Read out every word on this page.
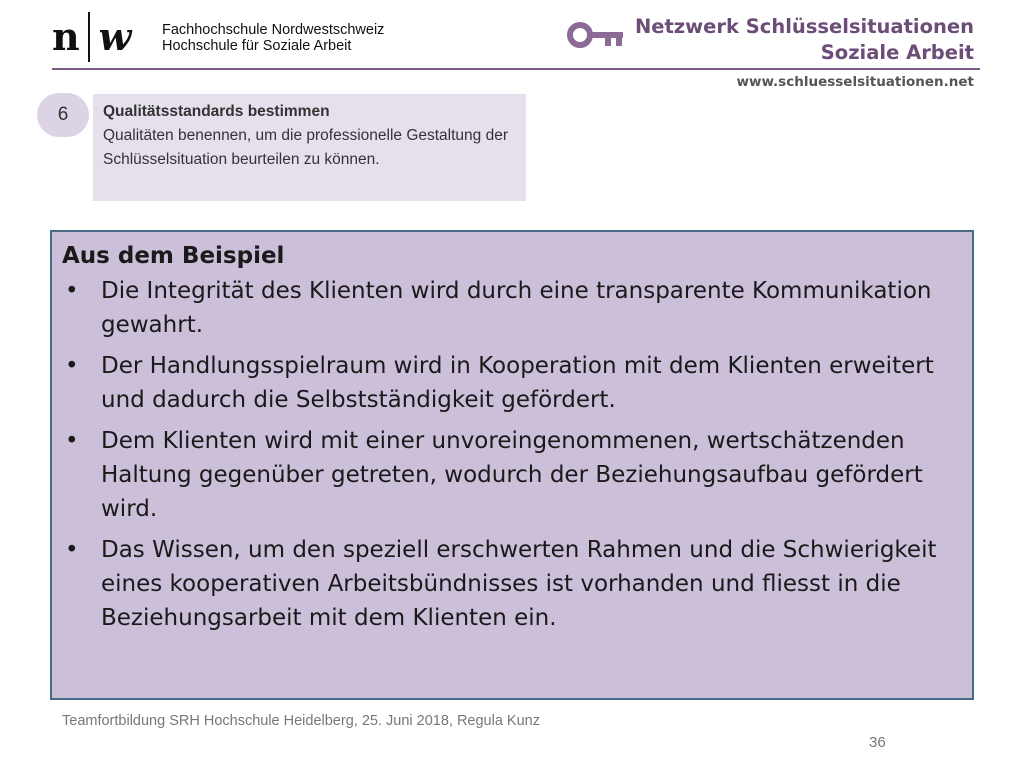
n w Fachhochschule Nordwestschweiz
Hochschule für Soziale Arbeit
Netzwerk Schlüsselsituationen
Soziale Arbeit
www.schluesselsituationen.net
6	Qualitätsstandards bestimmen
Qualitäten benennen, um die professionelle Gestaltung der Schlüsselsituation beurteilen zu können.
Aus dem Beispiel
• Die Integrität des Klienten wird durch eine transparente Kommunikation gewahrt.
• Der Handlungsspielraum wird in Kooperation mit dem Klienten erweitert und dadurch die Selbstständigkeit gefördert.
• Dem Klienten wird mit einer unvoreingenommenen, wertschätzenden Haltung gegenüber getreten, wodurch der Beziehungsaufbau gefördert wird.
• Das Wissen, um den speziell erschwerten Rahmen und die Schwierigkeit eines kooperativen Arbeitsbündnisses ist vorhanden und fliesst in die Beziehungsarbeit mit dem Klienten ein.
Teamfortbildung SRH Hochschule Heidelberg, 25. Juni 2018, Regula Kunz
36
